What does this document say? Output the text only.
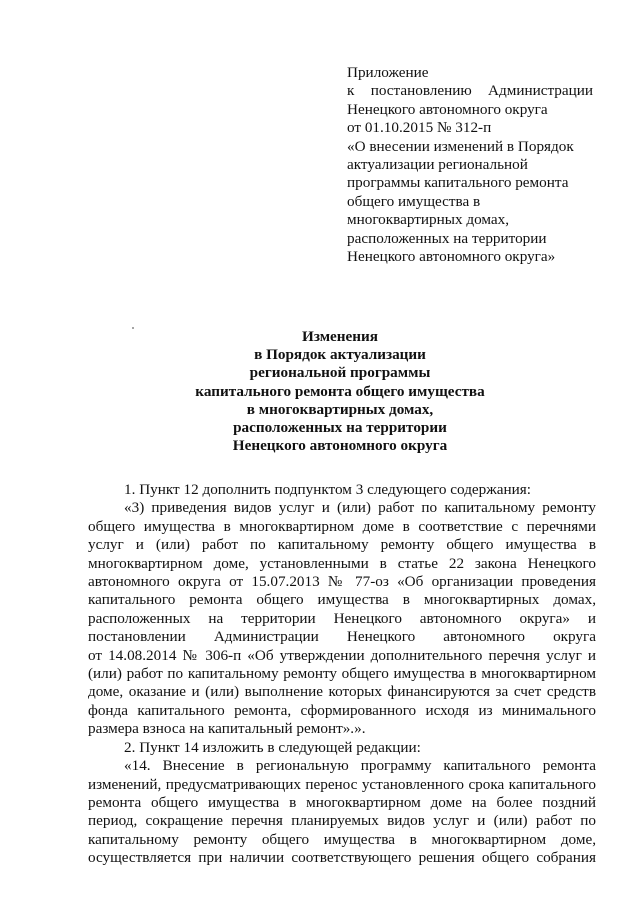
Приложение
к постановлению Администрации
Ненецкого автономного округа
от 01.10.2015 № 312-п
«О внесении изменений в Порядок
актуализации региональной
программы капитального ремонта
общего имущества в
многоквартирных домах,
расположенных на территории
Ненецкого автономного округа»
Изменения
в Порядок актуализации
региональной программы
капитального ремонта общего имущества
в многоквартирных домах,
расположенных на территории
Ненецкого автономного округа
1. Пункт 12 дополнить подпунктом 3 следующего содержания:
«3) приведения видов услуг и (или) работ по капитальному ремонту
общего имущества в многоквартирном доме в соответствие с перечнями
услуг и (или) работ по капитальному ремонту общего имущества в
многоквартирном доме, установленными в статье 22 закона Ненецкого
автономного округа от 15.07.2013 № 77-оз «Об организации проведения
капитального ремонта общего имущества в многоквартирных домах,
расположенных на территории Ненецкого автономного округа» и
постановлении Администрации Ненецкого автономного округа
от 14.08.2014 № 306-п «Об утверждении дополнительного перечня услуг и
(или) работ по капитальному ремонту общего имущества в многоквартирном
доме, оказание и (или) выполнение которых финансируются за счет средств
фонда капитального ремонта, сформированного исходя из минимального
размера взноса на капитальный ремонт».».
2. Пункт 14 изложить в следующей редакции:
«14. Внесение в региональную программу капитального ремонта
изменений, предусматривающих перенос установленного срока капитального
ремонта общего имущества в многоквартирном доме на более поздний
период, сокращение перечня планируемых видов услуг и (или) работ по
капитальному ремонту общего имущества в многоквартирном доме,
осуществляется при наличии соответствующего решения общего собрания
